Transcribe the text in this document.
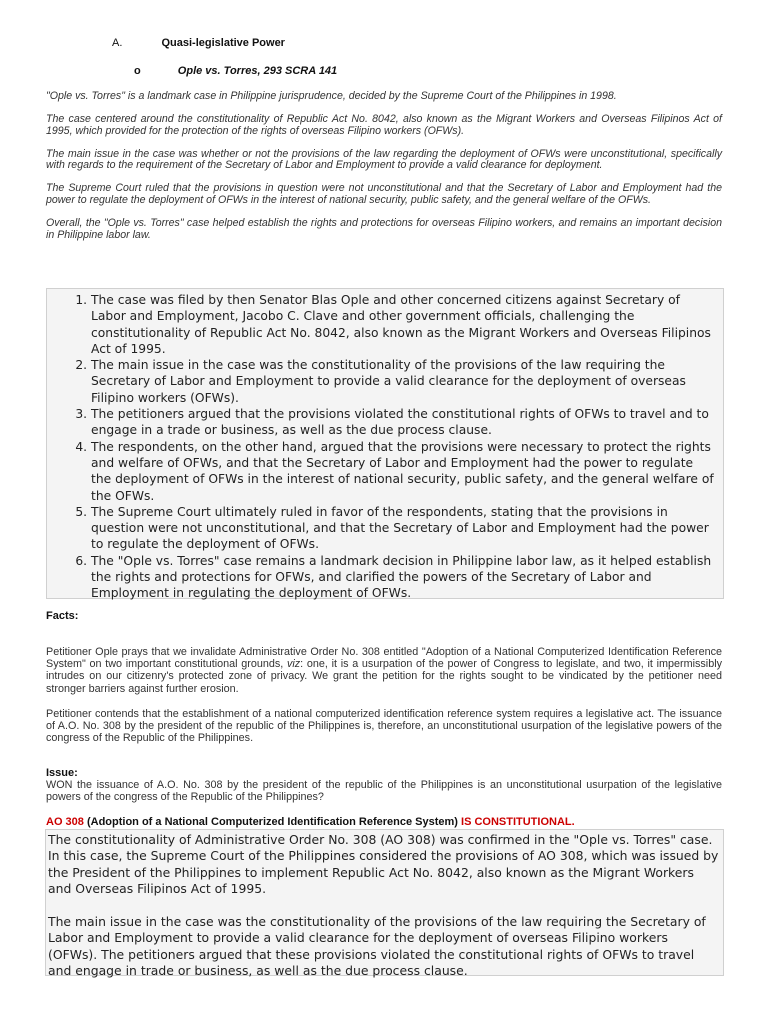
A.	Quasi-legislative Power
o	Ople vs. Torres, 293 SCRA 141

"Ople vs. Torres" is a landmark case in Philippine jurisprudence, decided by the Supreme Court of the Philippines in 1998.

The case centered around the constitutionality of Republic Act No. 8042, also known as the Migrant Workers and Overseas Filipinos Act of 1995, which provided for the protection of the rights of overseas Filipino workers (OFWs).

The main issue in the case was whether or not the provisions of the law regarding the deployment of OFWs were unconstitutional, specifically with regards to the requirement of the Secretary of Labor and Employment to provide a valid clearance for deployment.

The Supreme Court ruled that the provisions in question were not unconstitutional and that the Secretary of Labor and Employment had the power to regulate the deployment of OFWs in the interest of national security, public safety, and the general welfare of the OFWs.

Overall, the "Ople vs. Torres" case helped establish the rights and protections for overseas Filipino workers, and remains an important decision in Philippine labor law.

1. The case was filed by then Senator Blas Ople and other concerned citizens against Secretary of Labor and Employment, Jacobo C. Clave and other government officials, challenging the constitutionality of Republic Act No. 8042, also known as the Migrant Workers and Overseas Filipinos Act of 1995.
2. The main issue in the case was the constitutionality of the provisions of the law requiring the Secretary of Labor and Employment to provide a valid clearance for the deployment of overseas Filipino workers (OFWs).
3. The petitioners argued that the provisions violated the constitutional rights of OFWs to travel and to engage in a trade or business, as well as the due process clause.
4. The respondents, on the other hand, argued that the provisions were necessary to protect the rights and welfare of OFWs, and that the Secretary of Labor and Employment had the power to regulate the deployment of OFWs in the interest of national security, public safety, and the general welfare of the OFWs.
5. The Supreme Court ultimately ruled in favor of the respondents, stating that the provisions in question were not unconstitutional, and that the Secretary of Labor and Employment had the power to regulate the deployment of OFWs.
6. The "Ople vs. Torres" case remains a landmark decision in Philippine labor law, as it helped establish the rights and protections for OFWs, and clarified the powers of the Secretary of Labor and Employment in regulating the deployment of OFWs.
Facts:
Petitioner Ople prays that we invalidate Administrative Order No. 308 entitled "Adoption of a National Computerized Identification Reference System" on two important constitutional grounds, viz: one, it is a usurpation of the power of Congress to legislate, and two, it impermissibly intrudes on our citizenry's protected zone of privacy. We grant the petition for the rights sought to be vindicated by the petitioner need stronger barriers against further erosion.
Petitioner contends that the establishment of a national computerized identification reference system requires a legislative act. The issuance of A.O. No. 308 by the president of the republic of the Philippines is, therefore, an unconstitutional usurpation of the legislative powers of the congress of the Republic of the Philippines.
Issue:
WON the issuance of A.O. No. 308 by the president of the republic of the Philippines is an unconstitutional usurpation of the legislative powers of the congress of the Republic of the Philippines?
AO 308 (Adoption of a National Computerized Identification Reference System) IS CONSTITUTIONAL.

The constitutionality of Administrative Order No. 308 (AO 308) was confirmed in the "Ople vs. Torres" case. In this case, the Supreme Court of the Philippines considered the provisions of AO 308, which was issued by the President of the Philippines to implement Republic Act No. 8042, also known as the Migrant Workers and Overseas Filipinos Act of 1995.

The main issue in the case was the constitutionality of the provisions of the law requiring the Secretary of Labor and Employment to provide a valid clearance for the deployment of overseas Filipino workers (OFWs). The petitioners argued that these provisions violated the constitutional rights of OFWs to travel and engage in trade or business, as well as the due process clause.
